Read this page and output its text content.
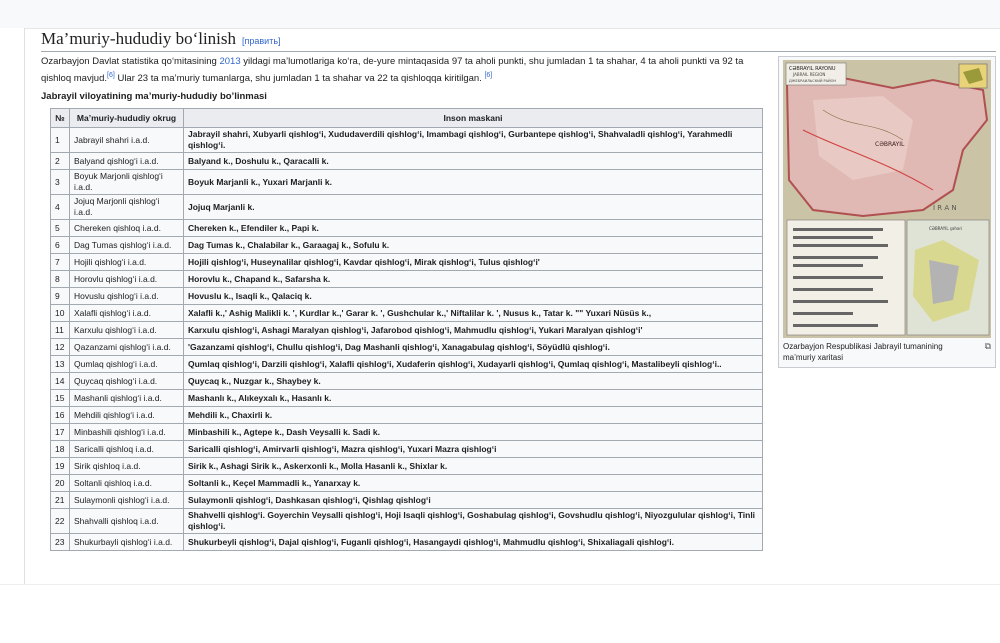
Ma’muriy-hududiy bo‘linish [править]

Ozarbayjon Davlat statistika qo‘mitasining 2013 yildagi ma’lumotlariga ko‘ra, de-yure mintaqasida 97 ta aholi punkti, shu jumladan 1 ta shahar, 4 ta aholi punkti va 92 ta qishloq mavjud.[6] Ular 23 ta ma’muriy tumanlarga, shu jumladan 1 ta shahar va 22 ta qishloqqa kiritilgan. [6]

Jabrayil viloyatining ma’muriy-hududiy bo’linmasi
№	Ma’muriy-hududiy okrug	Inson maskani
1	Jabrayil shahri i.a.d.	Jabrayil shahri, Xubyarli qishlog‘i, Xududaverdili qishlog‘i, Imambagi qishlog‘i, Gurbantepe qishlog‘i, Shahvaladli qishlog‘i, Yarahmedli qishlog‘i.
2	Balyand qishlog‘i i.a.d.	Balyand k., Doshulu k., Qaracalli k.
3	Boyuk Marjonli qishlog‘i i.a.d.	Boyuk Marjanli k., Yuxari Marjanli k.
4	Jojuq Marjonli qishlog‘i i.a.d.	Jojuq Marjanli k.
5	Chereken qishloq i.a.d.	Chereken k., Efendiler k., Papi k.
6	Dag Tumas qishlog‘i i.a.d.	Dag Tumas k., Chalabilar k., Garaagaj k., Sofulu k.
7	Hojili qishlog‘i i.a.d.	Hojili qishlog‘i, Huseynalilar qishlog‘i, Kavdar qishlog‘i, Mirak qishlog‘i, Tulus qishlog‘i'
8	Horovlu qishlog‘i i.a.d.	Horovlu k., Chapand k., Safarsha k.
9	Hovuslu qishlog‘i i.a.d.	Hovuslu k., Isaqli k., Qalaciq k.
10	Xalafli qishlog‘i i.a.d.	Xalafli k.,' Ashig Malikli k. ', Kurdlar k.,' Garar k. ', Gushchular k.,' Niftalilar k. ', Nusus k., Tatar k. "" Yuxari Nüsüs k.,
11	Karxulu qishlog‘i i.a.d.	Karxulu qishlog‘i, Ashagi Maralyan qishlog‘i, Jafarobod qishlog‘i, Mahmudlu qishlog‘i, Yukari Maralyan qishlog‘i'
12	Qazanzami qishlog‘i i.a.d.	'Gazanzami qishlog‘i, Chullu qishlog‘i, Dag Mashanli qishlog‘i, Xanagabulag qishlog‘i, Söyüdlü qishlog‘i.
13	Qumlaq qishlog‘i i.a.d.	Qumlaq qishlog‘i, Darzili qishlog‘i, Xalafli qishlog‘i, Xudaferin qishlog‘i, Xudayarli qishlog‘i, Qumlaq qishlog‘i, Mastalibeyli qishlog‘i..
14	Quycaq qishlog‘i i.a.d.	Quycaq k., Nuzgar k., Shaybey k.
15	Mashanli qishlog‘i i.a.d.	Mashanlı k., Alıkeyxalı k., Hasanlı k.
16	Mehdili qishlog‘i i.a.d.	Mehdili k., Chaxirli k.
17	Minbashili qishlog‘i i.a.d.	Minbashili k., Agtepe k., Dash Veysalli k. Sadi k.
18	Saricalli qishloq i.a.d.	Saricalli qishlog‘i, Amirvarli qishlog‘i, Mazra qishlog‘i, Yuxari Mazra qishlog‘i
19	Sirik qishloq i.a.d.	Sirik k., Ashagi Sirik k., Askerxonli k., Molla Hasanli k., Shixlar k.
20	Soltanli qishloq i.a.d.	Soltanli k., Keçel Mammadli k., Yanarxay k.
21	Sulaymonli qishlog‘i i.a.d.	Sulaymonli qishlog‘i, Dashkasan qishlog‘i, Qishlag qishlog‘i
22	Shahvalli qishloq i.a.d.	Shahvelli qishlog‘i. Goyerchin Veysalli qishlog‘i, Hoji Isaqli qishlog‘i, Goshabulag qishlog‘i, Govshudlu qishlog‘i, Niyozgulular qishlog‘i, Tinli qishlog‘i.
23	Shukurbayli qishlog‘i i.a.d.	Shukurbeyli qishlog‘i, Dajal qishlog‘i, Fuganli qishlog‘i, Hasangaydi qishlog‘i, Mahmudlu qishlog‘i, Shixaliagali qishlog‘i.
CƏBRAYIL RAYONU
JABRAIL REGION
ДЖЕБРАИЛЬСКИЙ РАЙОН
CƏBRAYIL
İ R A N
CƏBRAYIL şəhəri
Ozarbayjon Respublikasi Jabrayil tumanining ma’muriy xaritasi
⧉
